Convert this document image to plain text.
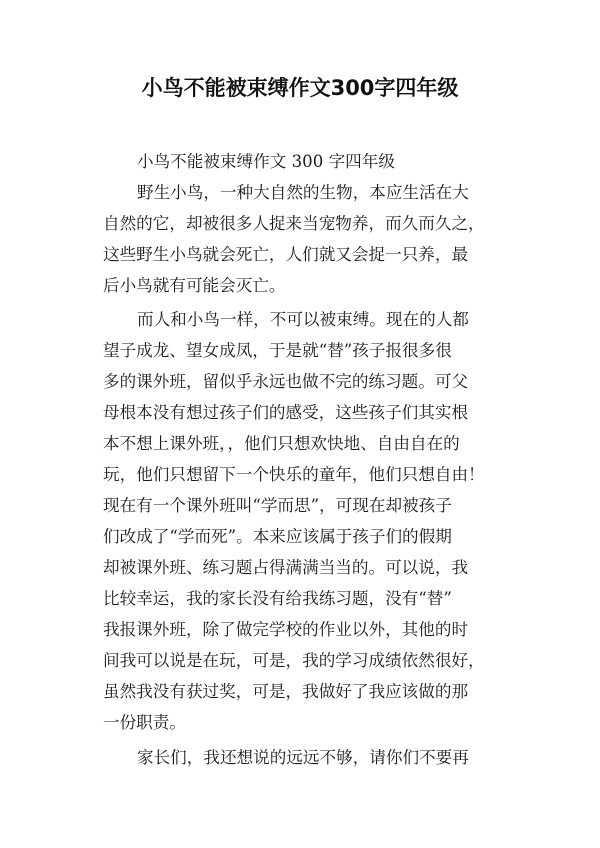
小鸟不能被束缚作文300字四年级
小鸟不能被束缚作文 300 字四年级
野生小鸟，一种大自然的生物，本应生活在大
自然的它，却被很多人捉来当宠物养，而久而久之，
这些野生小鸟就会死亡，人们就又会捉一只养，最
后小鸟就有可能会灭亡。
而人和小鸟一样，不可以被束缚。现在的人都
望子成龙、望女成凤，于是就“替”孩子报很多很
多的课外班，留似乎永远也做不完的练习题。可父
母根本没有想过孩子们的感受，这些孩子们其实根
本不想上课外班，，他们只想欢快地、自由自在的
玩，他们只想留下一个快乐的童年，他们只想自由！
现在有一个课外班叫“学而思”，可现在却被孩子
们改成了“学而死”。本来应该属于孩子们的假期
却被课外班、练习题占得满满当当的。可以说，我
比较幸运，我的家长没有给我练习题，没有“替”
我报课外班，除了做完学校的作业以外，其他的时
间我可以说是在玩，可是，我的学习成绩依然很好，
虽然我没有获过奖，可是，我做好了我应该做的那
一份职责。
家长们，我还想说的远远不够，请你们不要再
